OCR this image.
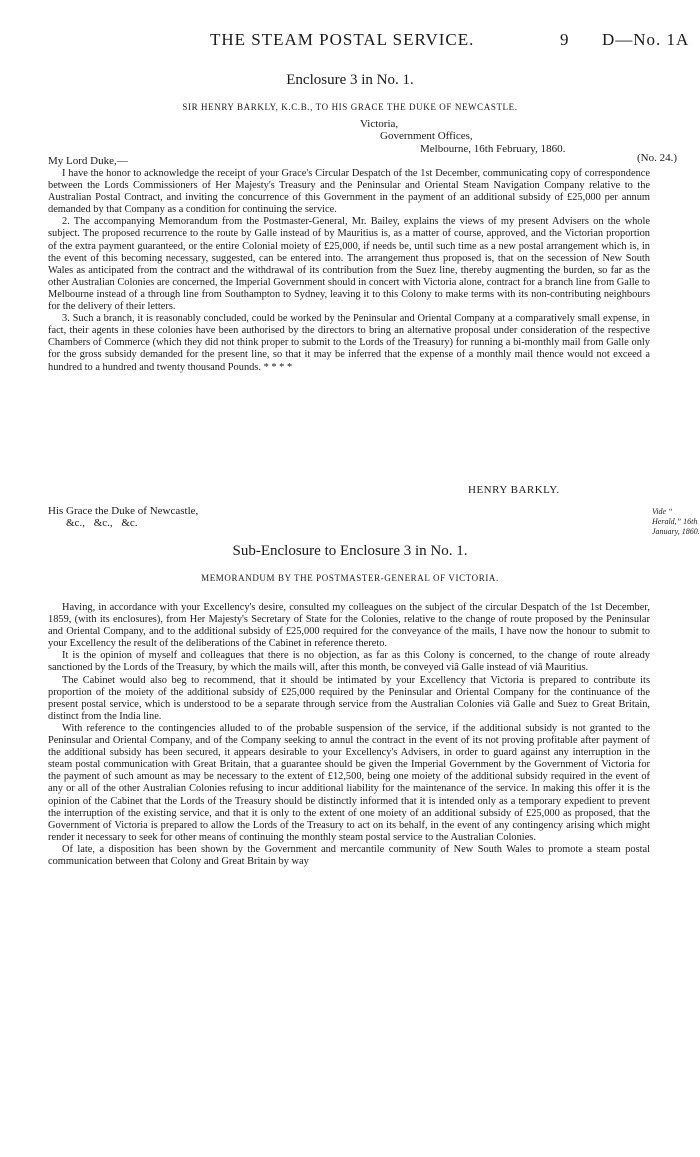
THE STEAM POSTAL SERVICE.	9 D—No. 1A
Enclosure 3 in No. 1.
SIR HENRY BARKLY, K.C.B., TO HIS GRACE THE DUKE OF NEWCASTLE.
Victoria,
Government Offices,
Melbourne, 16th February, 1860.
My Lord Duke,—	(No. 24.)

I have the honor to acknowledge the receipt of your Grace's Circular Despatch of the 1st December, communicating copy of correspondence between the Lords Commissioners of Her Majesty's Treasury and the Peninsular and Oriental Steam Navigation Company relative to the Australian Postal Contract, and inviting the concurrence of this Government in the payment of an additional subsidy of £25,000 per annum demanded by that Company as a condition for continuing the service.

2. The accompanying Memorandum from the Postmaster-General, Mr. Bailey, explains the views of my present Advisers on the whole subject. The proposed recurrence to the route by Galle instead of by Mauritius is, as a matter of course, approved, and the Victorian proportion of the extra payment guaranteed, or the entire Colonial moiety of £25,000, if needs be, until such time as a new postal arrangement which is, in the event of this becoming necessary, suggested, can be entered into. The arrangement thus proposed is, that on the secession of New South Wales as anticipated from the contract and the withdrawal of its contribution from the Suez line, thereby augmenting the burden, so far as the other Australian Colonies are concerned, the Imperial Government should in concert with Victoria alone, contract for a branch line from Galle to Melbourne instead of a through line from Southampton to Sydney, leaving it to this Colony to make terms with its non-contributing neighbours for the delivery of their letters.

3. Such a branch, it is reasonably concluded, could be worked by the Peninsular and Oriental Company at a comparatively small expense, in fact, their agents in these colonies have been authorised by the directors to bring an alternative proposal under consideration of the respective Chambers of Commerce (which they did not think proper to submit to the Lords of the Treasury) for running a bi-monthly mail from Galle only for the gross subsidy demanded for the present line, so that it may be inferred that the expense of a monthly mail thence would not exceed a hundred to a hundred and twenty thousand Pounds. * * * *

Vide “ Herald,” 16th January, 1860.
HENRY BARKLY.
His Grace the Duke of Newcastle,
&c., &c., &c.
Sub-Enclosure to Enclosure 3 in No. 1.
MEMORANDUM BY THE POSTMASTER-GENERAL OF VICTORIA.

Having, in accordance with your Excellency's desire, consulted my colleagues on the subject of the circular Despatch of the 1st December, 1859, (with its enclosures), from Her Majesty's Secretary of State for the Colonies, relative to the change of route proposed by the Peninsular and Oriental Company, and to the additional subsidy of £25,000 required for the conveyance of the mails, I have now the honour to submit to your Excellency the result of the deliberations of the Cabinet in reference thereto.

It is the opinion of myself and colleagues that there is no objection, as far as this Colony is concerned, to the change of route already sanctioned by the Lords of the Treasury, by which the mails will, after this month, be conveyed viâ Galle instead of viâ Mauritius.

The Cabinet would also beg to recommend, that it should be intimated by your Excellency that Victoria is prepared to contribute its proportion of the moiety of the additional subsidy of £25,000 required by the Peninsular and Oriental Company for the continuance of the present postal service, which is understood to be a separate through service from the Australian Colonies viâ Galle and Suez to Great Britain, distinct from the India line.

With reference to the contingencies alluded to of the probable suspension of the service, if the additional subsidy is not granted to the Peninsular and Oriental Company, and of the Company seeking to annul the contract in the event of its not proving profitable after payment of the additional subsidy has been secured, it appears desirable to your Excellency's Advisers, in order to guard against any interruption in the steam postal communication with Great Britain, that a guarantee should be given the Imperial Government by the Government of Victoria for the payment of such amount as may be necessary to the extent of £12,500, being one moiety of the additional subsidy required in the event of any or all of the other Australian Colonies refusing to incur additional liability for the maintenance of the service. In making this offer it is the opinion of the Cabinet that the Lords of the Treasury should be distinctly informed that it is intended only as a temporary expedient to prevent the interruption of the existing service, and that it is only to the extent of one moiety of an additional subsidy of £25,000 as proposed, that the Government of Victoria is prepared to allow the Lords of the Treasury to act on its behalf, in the event of any contingency arising which might render it necessary to seek for other means of continuing the monthly steam postal service to the Australian Colonies.

Of late, a disposition has been shown by the Government and mercantile community of New South Wales to promote a steam postal communication between that Colony and Great Britain by way
